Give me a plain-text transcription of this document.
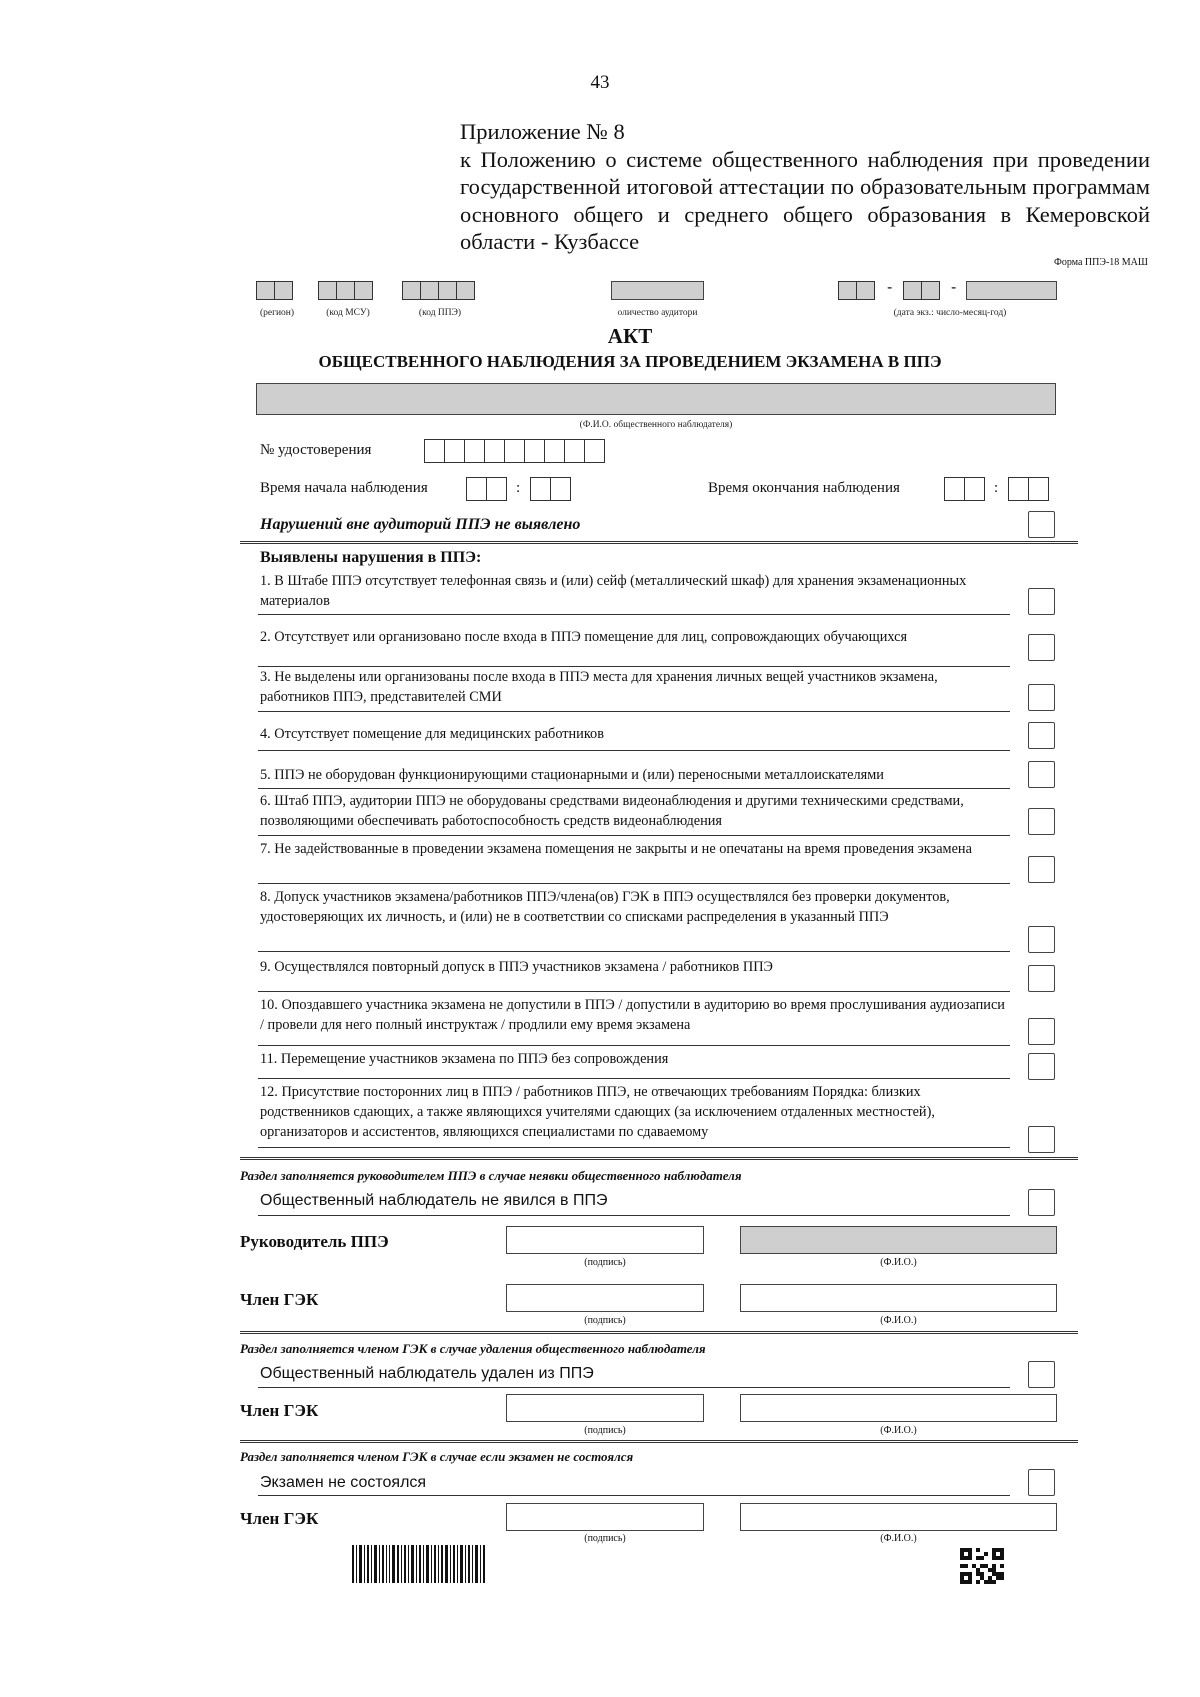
43
Приложение № 8
к Положению о системе общественного наблюдения при проведении государственной итоговой аттестации по образовательным программам основного общего и среднего общего образования в Кемеровской области - Кузбассе
Форма ППЭ-18 МАШ
-	-
(регион)	(код МСУ)	(код ППЭ)	оличество аудитори	(дата экз.: число-месяц-год)
АКТ
ОБЩЕСТВЕННОГО НАБЛЮДЕНИЯ ЗА ПРОВЕДЕНИЕМ ЭКЗАМЕНА В ППЭ
(Ф.И.О. общественного наблюдателя)
№ удостоверения
Время начала наблюдения	:	Время окончания наблюдения	:
Нарушений вне аудиторий ППЭ не выявлено
Выявлены нарушения в ППЭ:
1. В Штабе ППЭ отсутствует телефонная связь и (или) сейф (металлический шкаф) для хранения экзаменационных материалов
2. Отсутствует или организовано после входа в ППЭ помещение для лиц, сопровождающих обучающихся
3. Не выделены или организованы после входа в ППЭ места для хранения личных вещей участников экзамена, работников ППЭ, представителей СМИ
4. Отсутствует помещение для медицинских работников
5. ППЭ не оборудован функционирующими стационарными и (или) переносными металлоискателями
6. Штаб ППЭ, аудитории ППЭ не оборудованы средствами видеонаблюдения и другими техническими средствами, позволяющими обеспечивать работоспособность средств видеонаблюдения
7. Не задействованные в проведении экзамена помещения не закрыты и не опечатаны на время проведения экзамена
8. Допуск участников экзамена/работников ППЭ/члена(ов) ГЭК в ППЭ осуществлялся без проверки документов, удостоверяющих их личность, и (или) не в соответствии со списками распределения в указанный ППЭ
9. Осуществлялся повторный допуск в ППЭ участников экзамена / работников ППЭ
10. Опоздавшего участника экзамена не допустили в ППЭ / допустили в аудиторию во время прослушивания аудиозаписи / провели для него полный инструктаж / продлили ему время экзамена
11. Перемещение участников экзамена по ППЭ без сопровождения
12. Присутствие посторонних лиц в ППЭ / работников ППЭ, не отвечающих требованиям Порядка: близких родственников сдающих, а также являющихся учителями сдающих (за исключением отдаленных местностей), организаторов и ассистентов, являющихся специалистами по сдаваемому
Раздел заполняется руководителем ППЭ в случае неявки общественного наблюдателя
Общественный наблюдатель не явился в ППЭ
Руководитель ППЭ
(подпись)	(Ф.И.О.)
Член ГЭК
(подпись)	(Ф.И.О.)
Раздел заполняется членом ГЭК в случае удаления общественного наблюдателя
Общественный наблюдатель удален из ППЭ
Член ГЭК
(подпись)	(Ф.И.О.)
Раздел заполняется членом ГЭК в случае если экзамен не состоялся
Экзамен не состоялся
Член ГЭК
(подпись)	(Ф.И.О.)
